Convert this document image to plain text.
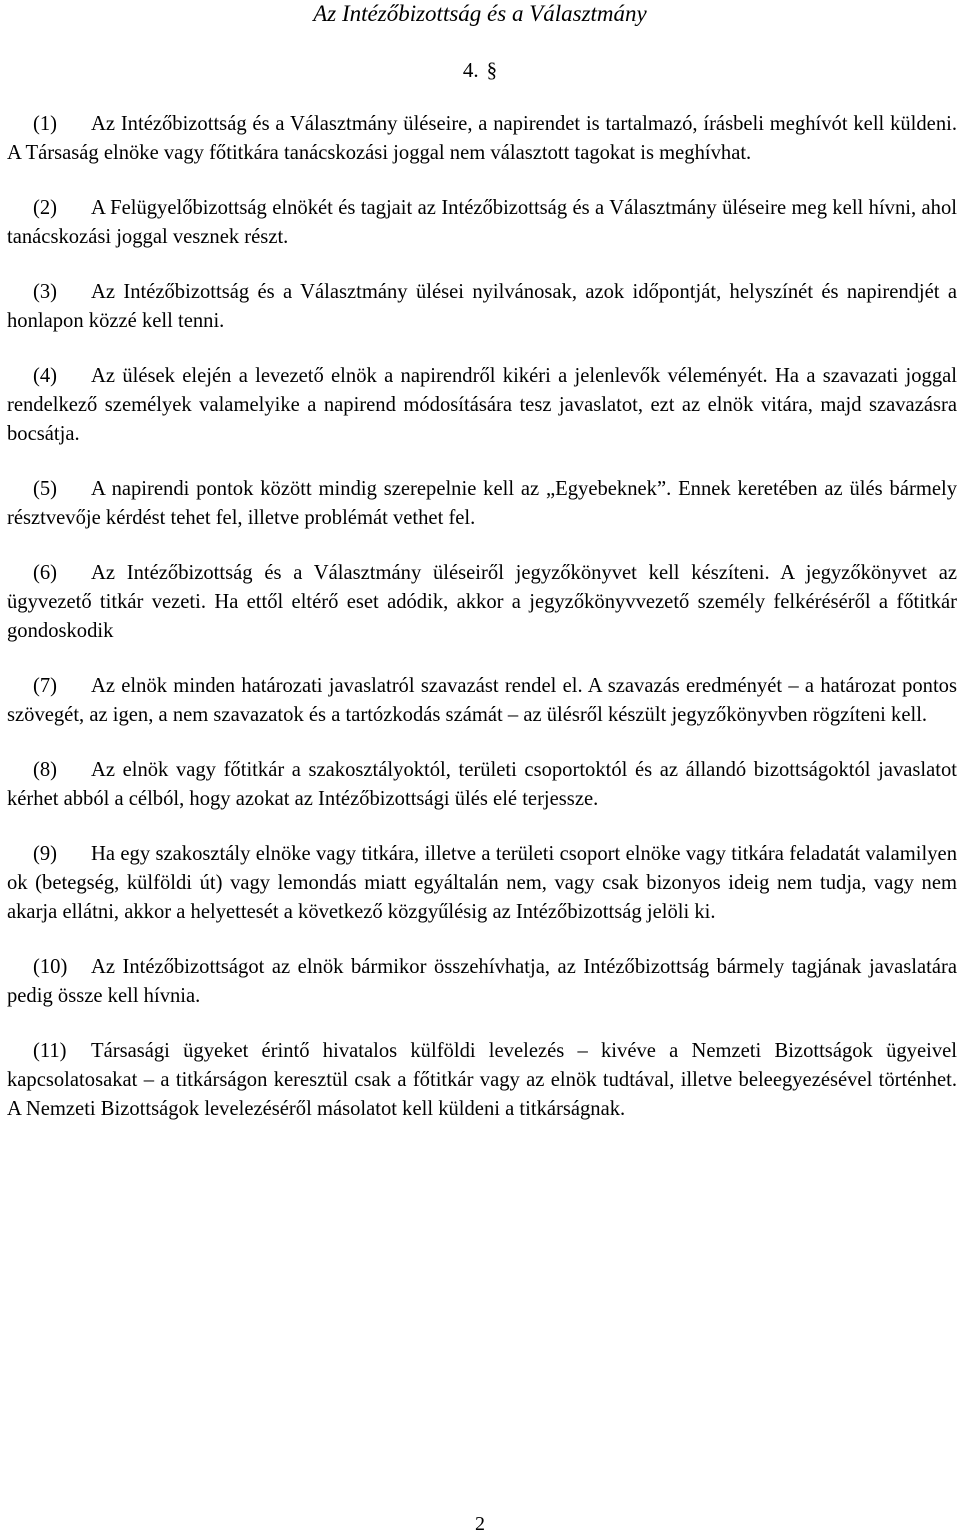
Az Intézőbizottság és a Választmány
4. §

(1) Az Intézőbizottság és a Választmány üléseire, a napirendet is tartalmazó, írásbeli meghívót kell küldeni. A Társaság elnöke vagy főtitkára tanácskozási joggal nem választott tagokat is meghívhat.

(2) A Felügyelőbizottság elnökét és tagjait az Intézőbizottság és a Választmány üléseire meg kell hívni, ahol tanácskozási joggal vesznek részt.

(3) Az Intézőbizottság és a Választmány ülései nyilvánosak, azok időpontját, helyszínét és napirendjét a honlapon közzé kell tenni.

(4) Az ülések elején a levezető elnök a napirendről kikéri a jelenlevők véleményét. Ha a szavazati joggal rendelkező személyek valamelyike a napirend módosítására tesz javaslatot, ezt az elnök vitára, majd szavazásra bocsátja.

(5) A napirendi pontok között mindig szerepelnie kell az „Egyebeknek”. Ennek keretében az ülés bármely résztvevője kérdést tehet fel, illetve problémát vethet fel.

(6) Az Intézőbizottság és a Választmány üléseiről jegyzőkönyvet kell készíteni. A jegyzőkönyvet az ügyvezető titkár vezeti. Ha ettől eltérő eset adódik, akkor a jegyzőkönyvvezető személy felkéréséről a főtitkár gondoskodik

(7) Az elnök minden határozati javaslatról szavazást rendel el. A szavazás eredményét – a határozat pontos szövegét, az igen, a nem szavazatok és a tartózkodás számát – az ülésről készült jegyzőkönyvben rögzíteni kell.

(8) Az elnök vagy főtitkár a szakosztályoktól, területi csoportoktól és az állandó bizottságoktól javaslatot kérhet abból a célból, hogy azokat az Intézőbizottsági ülés elé terjessze.

(9) Ha egy szakosztály elnöke vagy titkára, illetve a területi csoport elnöke vagy titkára feladatát valamilyen ok (betegség, külföldi út) vagy lemondás miatt egyáltalán nem, vagy csak bizonyos ideig nem tudja, vagy nem akarja ellátni, akkor a helyettesét a következő közgyűlésig az Intézőbizottság jelöli ki.

(10) Az Intézőbizottságot az elnök bármikor összehívhatja, az Intézőbizottság bármely tagjának javaslatára pedig össze kell hívnia.

(11) Társasági ügyeket érintő hivatalos külföldi levelezés – kivéve a Nemzeti Bizottságok ügyeivel kapcsolatosakat – a titkárságon keresztül csak a főtitkár vagy az elnök tudtával, illetve beleegyezésével történhet. A Nemzeti Bizottságok levelezéséről másolatot kell küldeni a titkárságnak.

2
